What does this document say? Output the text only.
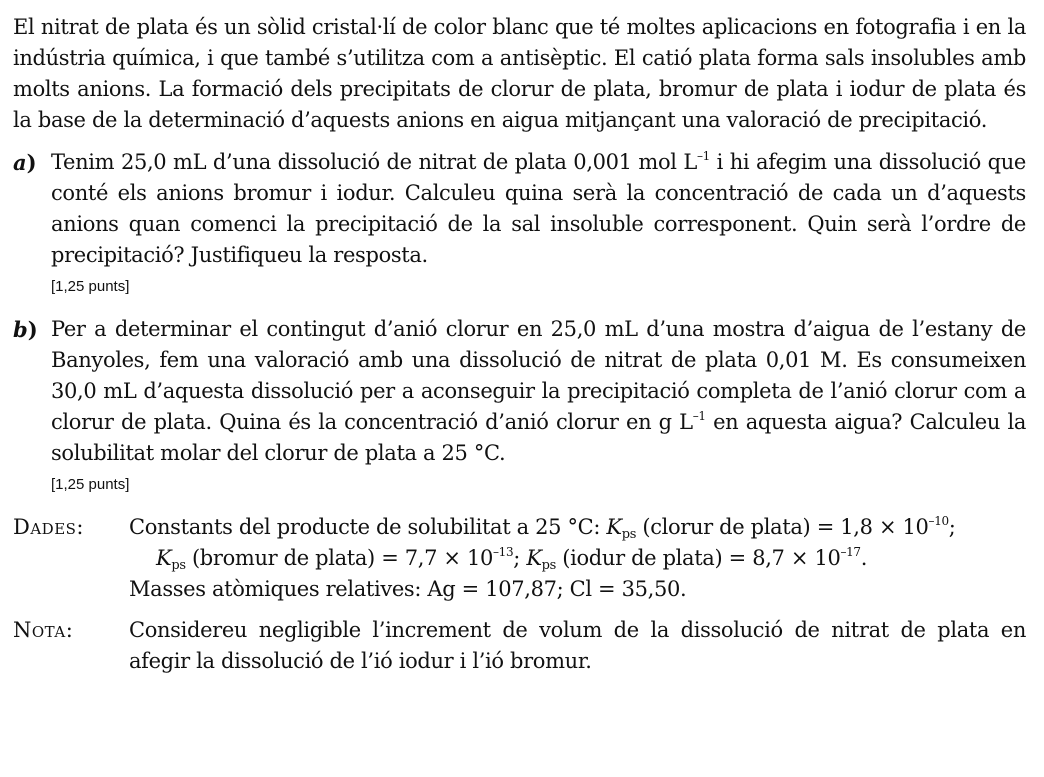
El nitrat de plata és un sòlid cristal·lí de color blanc que té moltes aplicacions en fotografia i en la indústria química, i que també s’utilitza com a antisèptic. El catió plata forma sals insolubles amb molts anions. La formació dels precipitats de clorur de plata, bromur de plata i iodur de plata és la base de la determinació d’aquests anions en aigua mitjançant una valoració de precipitació.

a) Tenim 25,0 mL d’una dissolució de nitrat de plata 0,001 mol $L^{-1}$ i hi afegim una dissolució que conté els anions bromur i iodur. Calculeu quina serà la concentració de cada un d’aquests anions quan comenci la precipitació de la sal insoluble corresponent. Quin serà l’ordre de precipitació? Justifiqueu la resposta.

[1,25 punts]
b) Per a determinar el contingut d’anió clorur en 25,0 mL d’una mostra d’aigua de l’estany de Banyoles, fem una valoració amb una dissolució de nitrat de plata 0,01 M. Es consumeixen 30,0 mL d’aquesta dissolució per a aconseguir la precipitació completa de l’anió clorur com a clorur de plata. Quina és la concentració d’anió clorur en g $L^{-1}$ en aquesta aigua? Calculeu la solubilitat molar del clorur de plata a 25 °C.

[1,25 punts]
Dades: Constants del producte de solubilitat a 25 °C: $K_{ps}$ (clorur de plata) = $1,8 \times 10^{-10}$;

$K_{ps}$ (bromur de plata) = $7,7 \times 10^{-13}$; $K_{ps}$ (iodur de plata) = $8,7 \times 10^{-17}$.

Masses atòmiques relatives: Ag = 107,87; Cl = 35,50.

Nota:	Considereu negligible l’increment de volum de la dissolució de nitrat de plata en afegir la dissolució de l’ió iodur i l’ió bromur.
